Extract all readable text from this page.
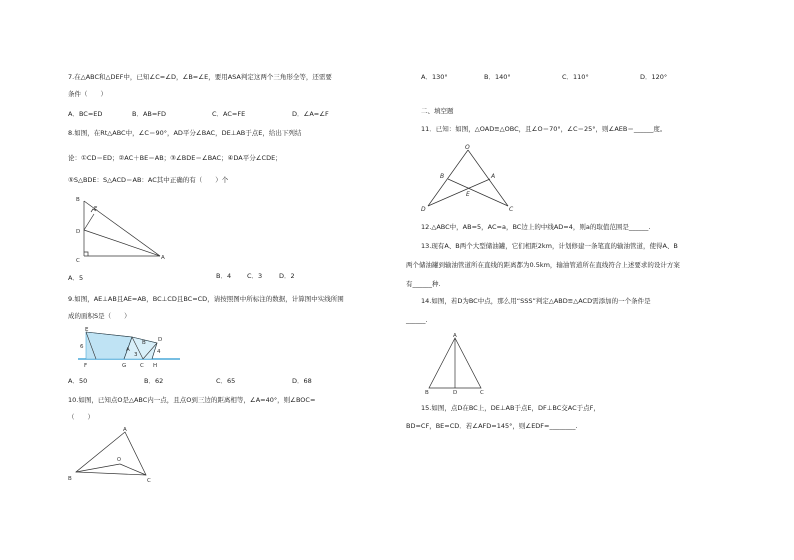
7.在△ABC和△DEF中，已知∠C=∠D，∠B=∠E，要用ASA判定这两个三角形全等，还需要
条件（　　）
A．BC=ED	B．AB=FD	C．AC=FE	D．∠A=∠F
8.如图，在Rt△ABC中，∠C＝90°，AD平分∠BAC，DE⊥AB于点E，给出下列结
论：①CD＝ED；②AC＋BE＝AB；③∠BDE＝∠BAC；④DA平分∠CDE；
⑤S△BDE：S△ACD＝AB：AC其中正确的有（　　）个
B
E
D
C	A
A．5	B．4 C．3	D．2
9.如图，AE⊥AB且AE=AB，BC⊥CD且BC=CD，请按照图中所标注的数据，计算图中实线所围
成的面积S是（　　）
E
A
B D
F	G C H
6
3	4
A．50	B．62	C．65	D．68
10.如图，已知点O是△ABC内一点，且点O到三边的距离相等，∠A=40°，则∠BOC=
（　　）
A
O
B	C
A．130°	B．140°	C．110°	D．120°
二、填空题
11．已知：如图，△OAD≌△OBC，且∠O＝70°，∠C＝25°，则∠AEB＝______度。
O
B	A
E
D	C
12.△ABC中，AB=5，AC=a，BC边上的中线AD=4，则a的取值范围是______.
13.现有A、B两个大型储油罐，它们相距2km，计划修建一条笔直的输油管道，使得A、B
两个储油罐到输油管道所在直线的距离都为0.5km，输油管道所在直线符合上述要求的设计方案
有______种.
14.如图，若D为BC中点，那么用“SSS”判定△ABD≌△ACD需添加的一个条件是
______.
A
B	D	C
15.如图，点D在BC上，DE⊥AB于点E，DF⊥BC交AC于点F，
BD=CF，BE=CD．若∠AFD=145°，则∠EDF=________.
